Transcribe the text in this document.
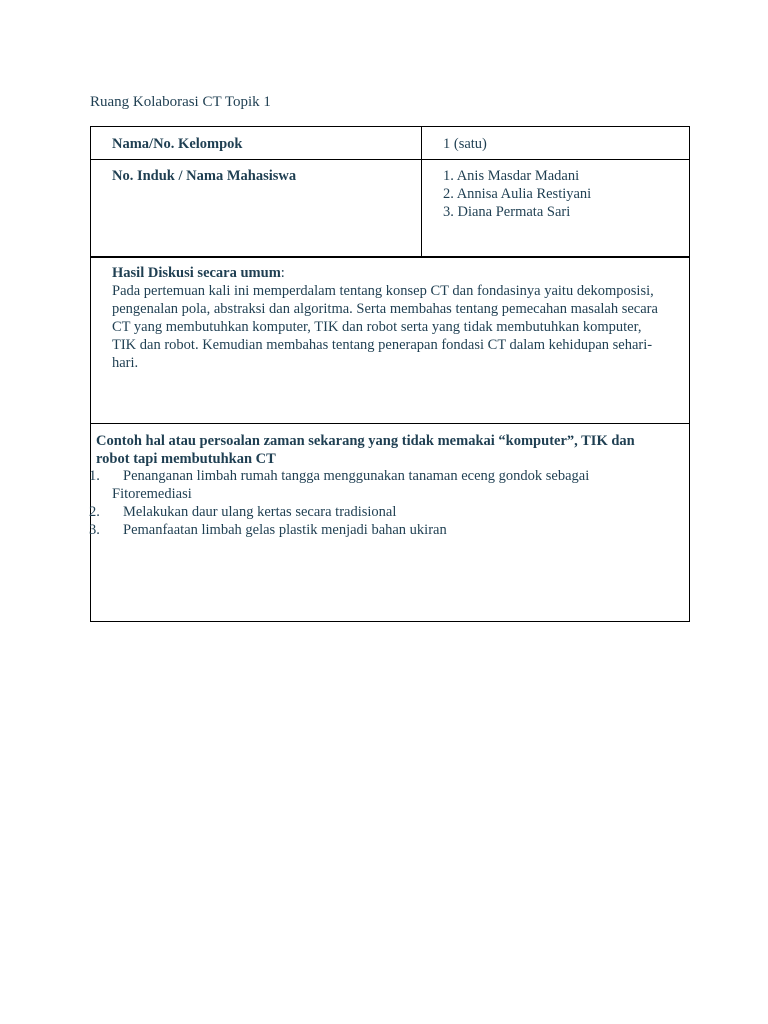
Ruang Kolaborasi CT Topik 1
Nama/No. Kelompok	1 (satu)
No. Induk / Nama Mahasiswa	1. Anis Masdar Madani
2. Annisa Aulia Restiyani
3. Diana Permata Sari
Hasil Diskusi secara umum:
Pada pertemuan kali ini memperdalam tentang konsep CT dan fondasinya yaitu dekomposisi,
pengenalan pola, abstraksi dan algoritma. Serta membahas tentang pemecahan masalah secara
CT yang membutuhkan komputer, TIK dan robot serta yang tidak membutuhkan komputer,
TIK dan robot. Kemudian membahas tentang penerapan fondasi CT dalam kehidupan sehari-
hari.
Contoh hal atau persoalan zaman sekarang yang tidak memakai “komputer”, TIK dan
robot tapi membutuhkan CT
1. Penanganan limbah rumah tangga menggunakan tanaman eceng gondok sebagai
Fitoremediasi
2. Melakukan daur ulang kertas secara tradisional
3. Pemanfaatan limbah gelas plastik menjadi bahan ukiran
